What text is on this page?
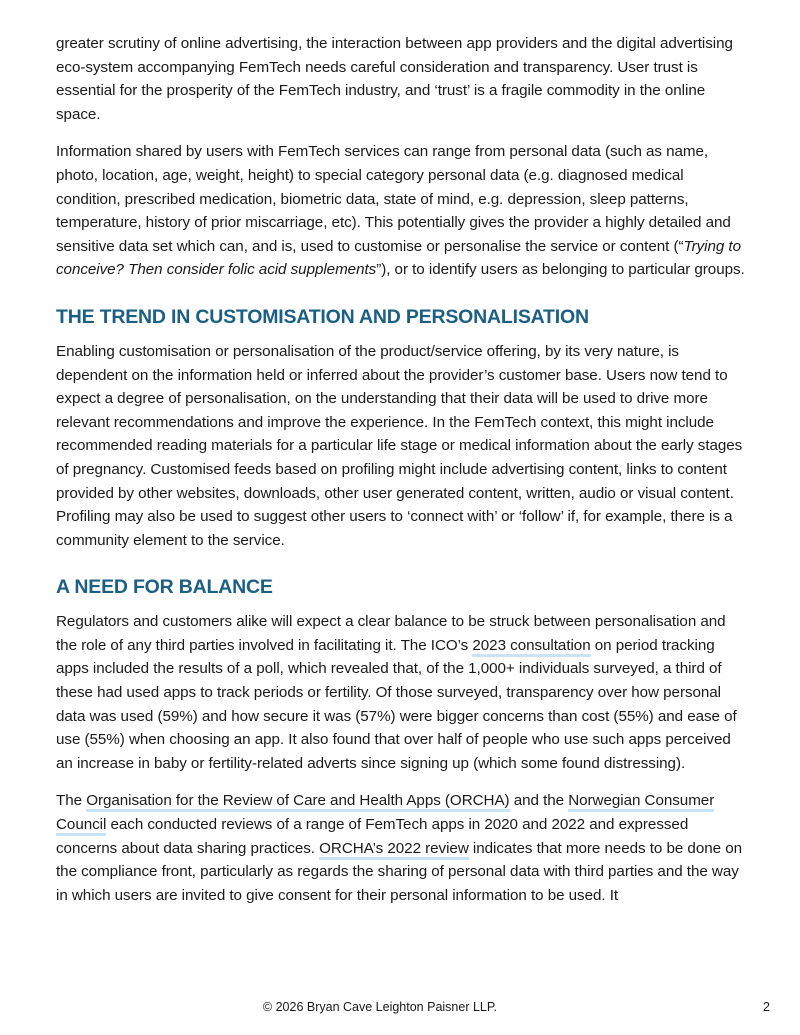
greater scrutiny of online advertising, the interaction between app providers and the digital advertising eco-system accompanying FemTech needs careful consideration and transparency. User trust is essential for the prosperity of the FemTech industry, and ‘trust’ is a fragile commodity in the online space.

Information shared by users with FemTech services can range from personal data (such as name, photo, location, age, weight, height) to special category personal data (e.g. diagnosed medical condition, prescribed medication, biometric data, state of mind, e.g. depression, sleep patterns, temperature, history of prior miscarriage, etc). This potentially gives the provider a highly detailed and sensitive data set which can, and is, used to customise or personalise the service or content (“Trying to conceive? Then consider folic acid supplements”), or to identify users as belonging to particular groups.

THE TREND IN CUSTOMISATION AND PERSONALISATION

Enabling customisation or personalisation of the product/service offering, by its very nature, is dependent on the information held or inferred about the provider’s customer base. Users now tend to expect a degree of personalisation, on the understanding that their data will be used to drive more relevant recommendations and improve the experience. In the FemTech context, this might include recommended reading materials for a particular life stage or medical information about the early stages of pregnancy. Customised feeds based on profiling might include advertising content, links to content provided by other websites, downloads, other user generated content, written, audio or visual content. Profiling may also be used to suggest other users to ‘connect with’ or ‘follow’ if, for example, there is a community element to the service.

A NEED FOR BALANCE

Regulators and customers alike will expect a clear balance to be struck between personalisation and the role of any third parties involved in facilitating it. The ICO’s 2023 consultation on period tracking apps included the results of a poll, which revealed that, of the 1,000+ individuals surveyed, a third of these had used apps to track periods or fertility. Of those surveyed, transparency over how personal data was used (59%) and how secure it was (57%) were bigger concerns than cost (55%) and ease of use (55%) when choosing an app. It also found that over half of people who use such apps perceived an increase in baby or fertility-related adverts since signing up (which some found distressing).

The Organisation for the Review of Care and Health Apps (ORCHA) and the Norwegian Consumer Council each conducted reviews of a range of FemTech apps in 2020 and 2022 and expressed concerns about data sharing practices. ORCHA’s 2022 review indicates that more needs to be done on the compliance front, particularly as regards the sharing of personal data with third parties and the way in which users are invited to give consent for their personal information to be used. It

© 2026 Bryan Cave Leighton Paisner LLP.	2
